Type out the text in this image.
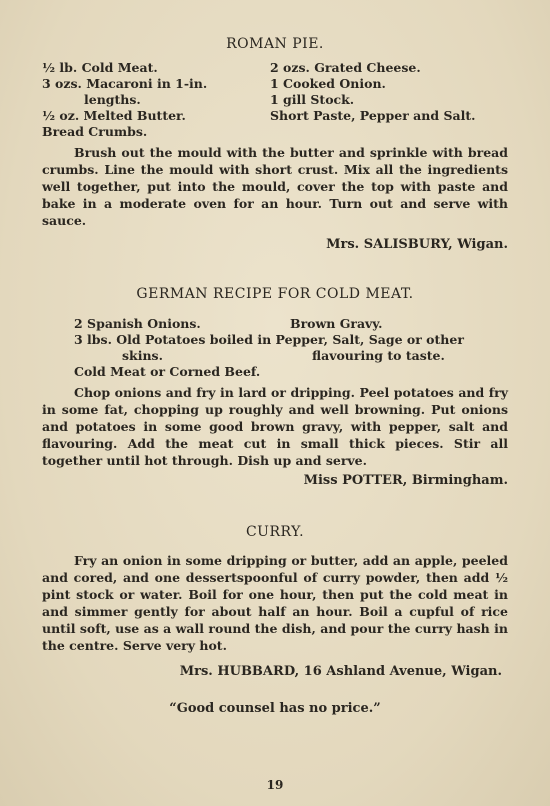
ROMAN PIE.
½ lb. Cold Meat.
3 ozs. Macaroni in 1-in.
lengths.
½ oz. Melted Butter.
Bread Crumbs.
2 ozs. Grated Cheese.
1 Cooked Onion.
1 gill Stock.
Short Paste, Pepper and Salt.

Brush out the mould with the butter and sprinkle with bread crumbs. Line the mould with short crust. Mix all the ingredients well together, put into the mould, cover the top with paste and bake in a moderate oven for an hour. Turn out and serve with sauce.

Mrs. SALISBURY, Wigan.
GERMAN RECIPE FOR COLD MEAT.
2 Spanish Onions.	Brown Gravy.
3 lbs. Old Potatoes boiled in Pepper, Salt, Sage or other
skins.	flavouring to taste.
Cold Meat or Corned Beef.

Chop onions and fry in lard or dripping. Peel potatoes and fry in some fat, chopping up roughly and well browning. Put onions and potatoes in some good brown gravy, with pepper, salt and flavouring. Add the meat cut in small thick pieces. Stir all together until hot through. Dish up and serve.

Miss POTTER, Birmingham.
CURRY.

Fry an onion in some dripping or butter, add an apple, peeled and cored, and one dessertspoonful of curry powder, then add ½ pint stock or water. Boil for one hour, then put the cold meat in and simmer gently for about half an hour. Boil a cupful of rice until soft, use as a wall round the dish, and pour the curry hash in the centre. Serve very hot.

Mrs. HUBBARD, 16 Ashland Avenue, Wigan.
“Good counsel has no price.”
19
